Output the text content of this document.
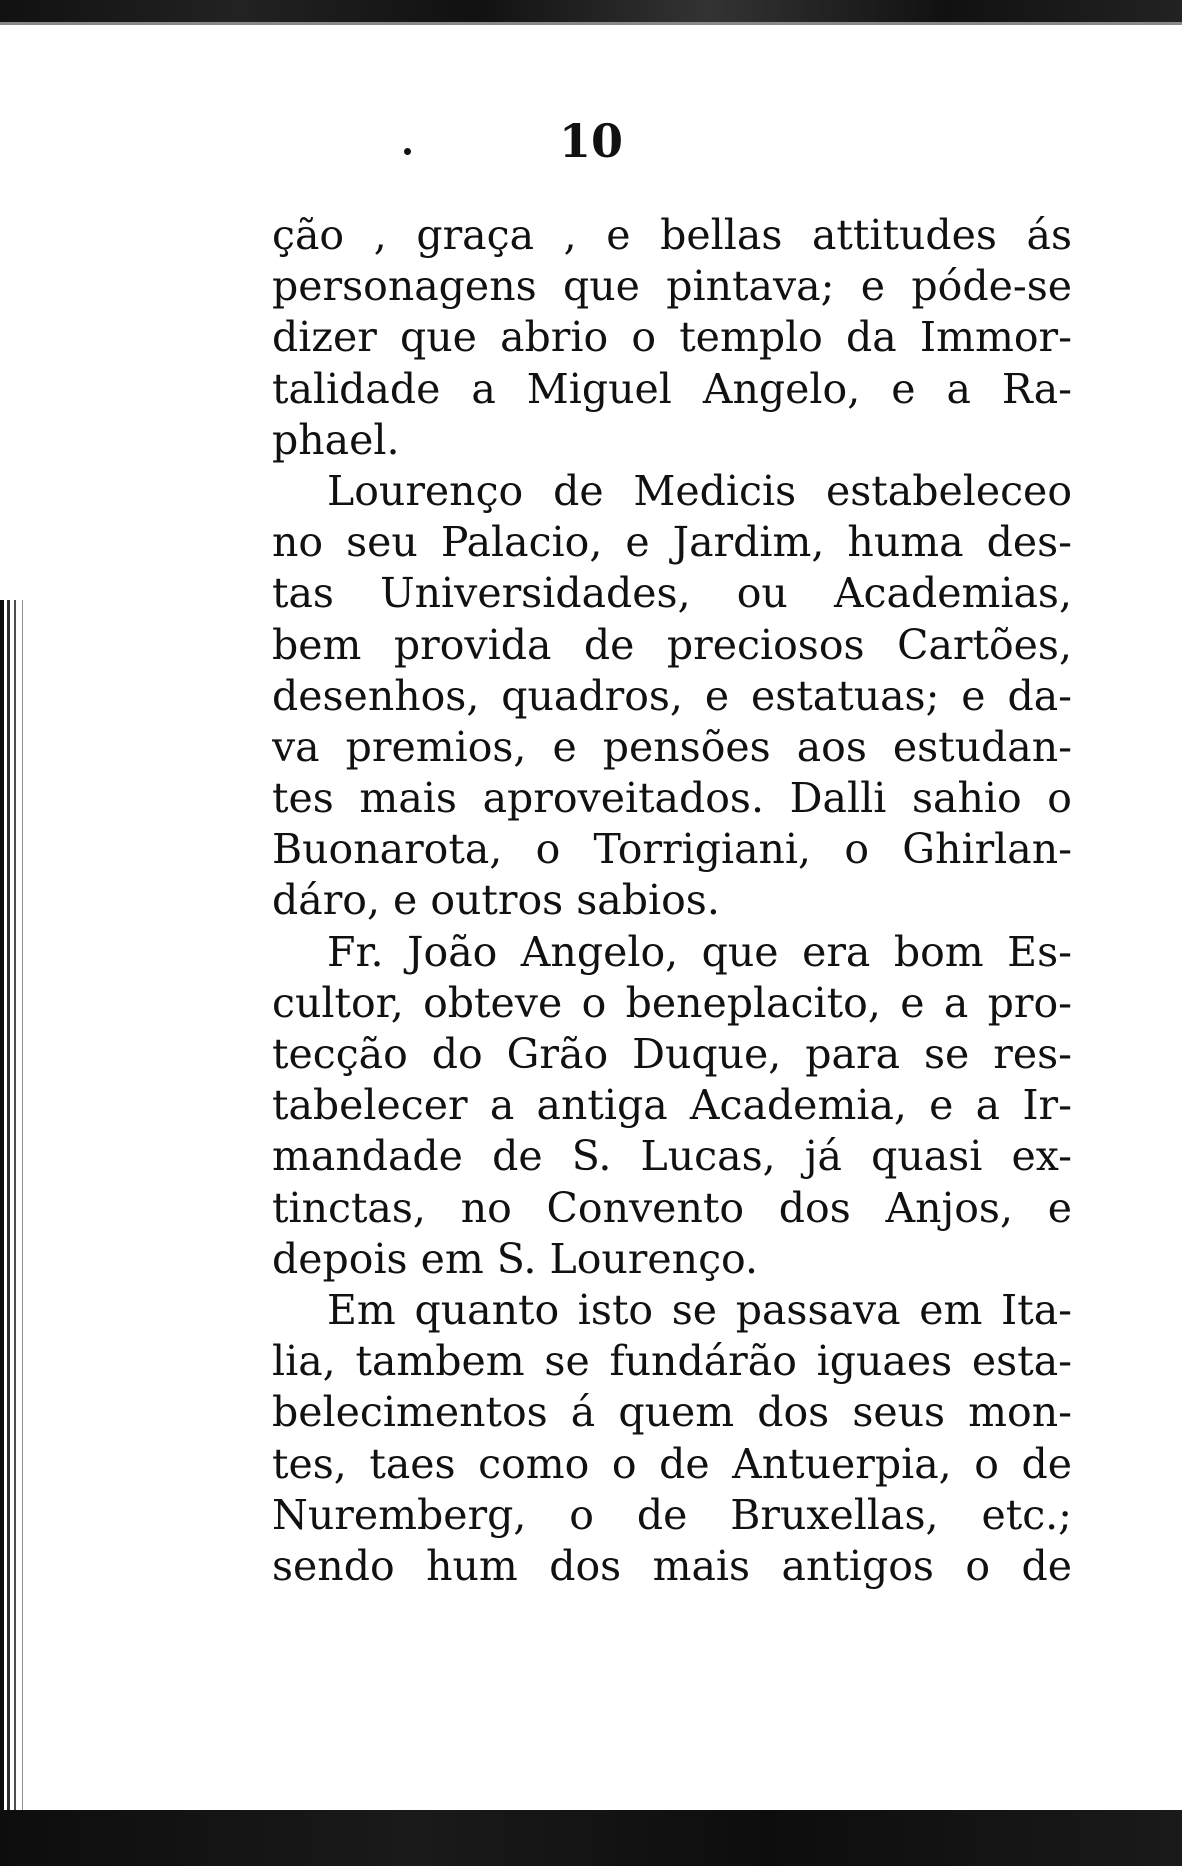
10
ção , graça , e bellas attitudes ás
personagens que pintava; e póde-se
dizer que abrio o templo da Immor-
talidade a Miguel Angelo, e a Ra-
phael.
Lourenço de Medicis estabeleceo
no seu Palacio, e Jardim, huma des-
tas Universidades, ou Academias,
bem provida de preciosos Cartões,
desenhos, quadros, e estatuas; e da-
va premios, e pensões aos estudan-
tes mais aproveitados. Dalli sahio o
Buonarota, o Torrigiani, o Ghirlan-
dáro, e outros sabios.
Fr. João Angelo, que era bom Es-
cultor, obteve o beneplacito, e a pro-
tecção do Grão Duque, para se res-
tabelecer a antiga Academia, e a Ir-
mandade de S. Lucas, já quasi ex-
tinctas, no Convento dos Anjos, e
depois em S. Lourenço.
Em quanto isto se passava em Ita-
lia, tambem se fundárão iguaes esta-
belecimentos á quem dos seus mon-
tes, taes como o de Antuerpia, o de
Nuremberg, o de Bruxellas, etc.;
sendo hum dos mais antigos o de
